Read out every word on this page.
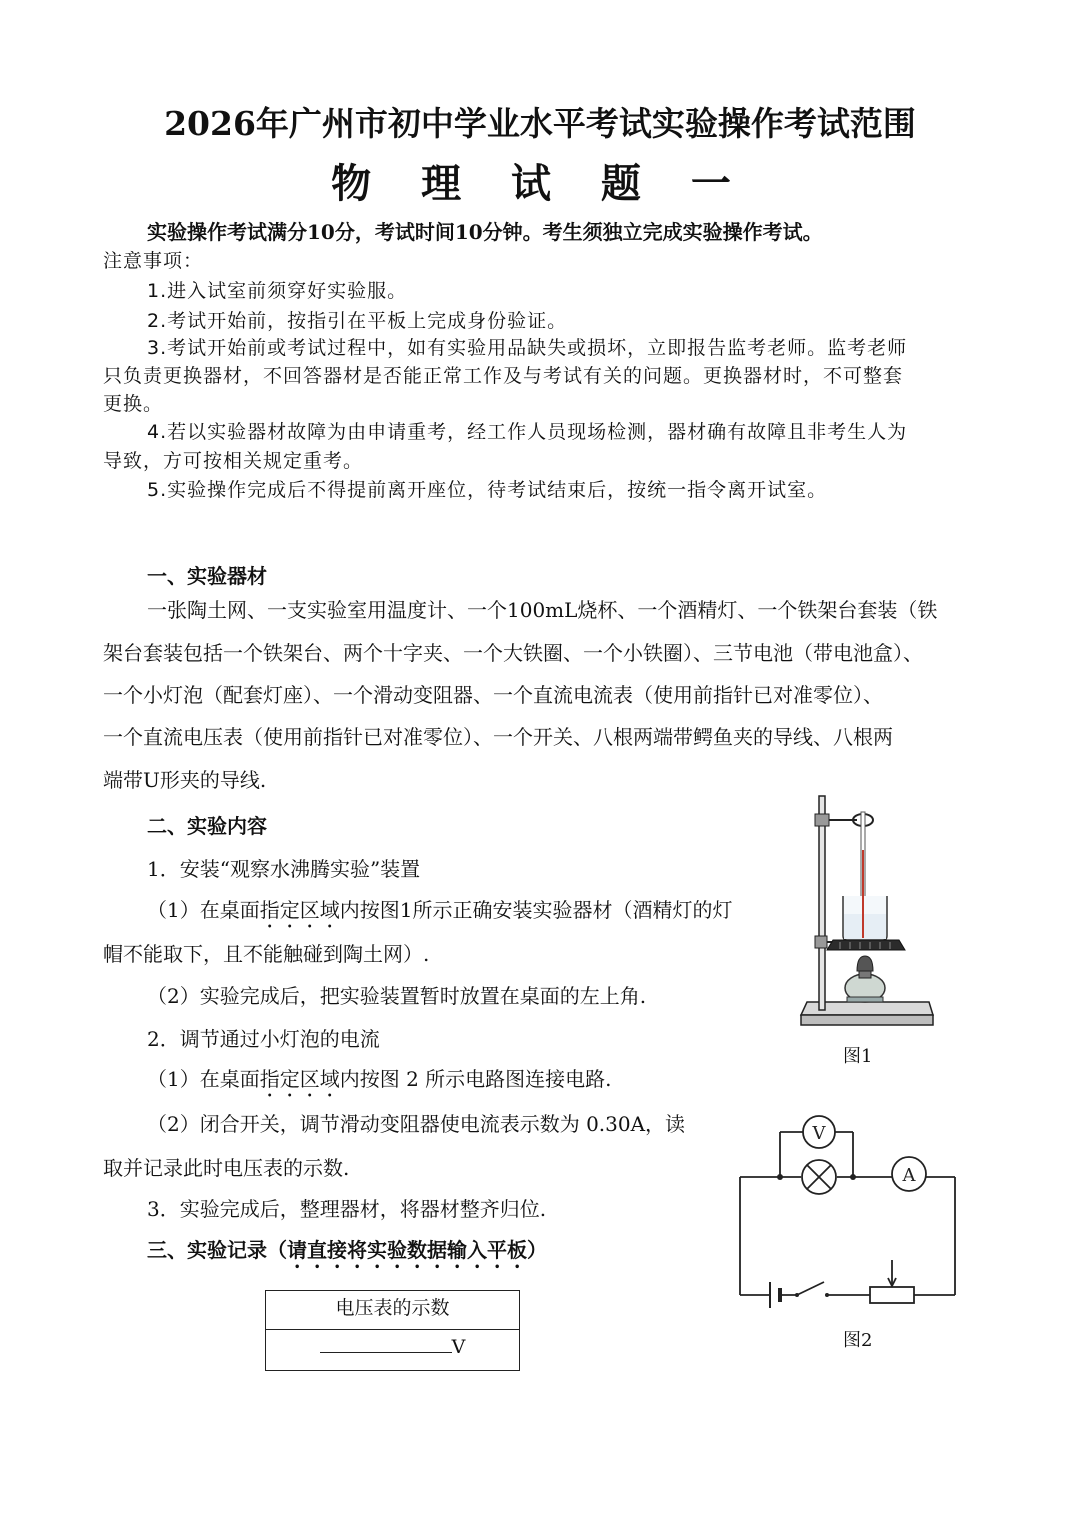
2026年广州市初中学业水平考试实验操作考试范围
物 理 试 题 一
实验操作考试满分10分，考试时间10分钟。考生须独立完成实验操作考试。
注意事项：
1.进入试室前须穿好实验服。
2.考试开始前，按指引在平板上完成身份验证。
3.考试开始前或考试过程中，如有实验用品缺失或损坏，立即报告监考老师。监考老师
只负责更换器材，不回答器材是否能正常工作及与考试有关的问题。更换器材时，不可整套
更换。
4.若以实验器材故障为由申请重考，经工作人员现场检测，器材确有故障且非考生人为
导致，方可按相关规定重考。
5.实验操作完成后不得提前离开座位，待考试结束后，按统一指令离开试室。
一、实验器材
一张陶土网、一支实验室用温度计、一个100mL烧杯、一个酒精灯、一个铁架台套装（铁
架台套装包括一个铁架台、两个十字夹、一个大铁圈、一个小铁圈）、三节电池（带电池盒）、
一个小灯泡（配套灯座）、一个滑动变阻器、一个直流电流表（使用前指针已对准零位）、
一个直流电压表（使用前指针已对准零位）、一个开关、八根两端带鳄鱼夹的导线、八根两
端带U形夹的导线.
二、实验内容
1．安装“观察水沸腾实验”装置
（1）在桌面指定区域内按图1所示正确安装实验器材（酒精灯的灯
帽不能取下，且不能触碰到陶土网）.
（2）实验完成后，把实验装置暂时放置在桌面的左上角.
2．调节通过小灯泡的电流
（1）在桌面指定区域内按图 2 所示电路图连接电路.
（2）闭合开关，调节滑动变阻器使电流表示数为 0.30A，读
取并记录此时电压表的示数.
3．实验完成后，整理器材，将器材整齐归位.
三、实验记录（请直接将实验数据输入平板）
电压表的示数
V
图1
V
A
图2
